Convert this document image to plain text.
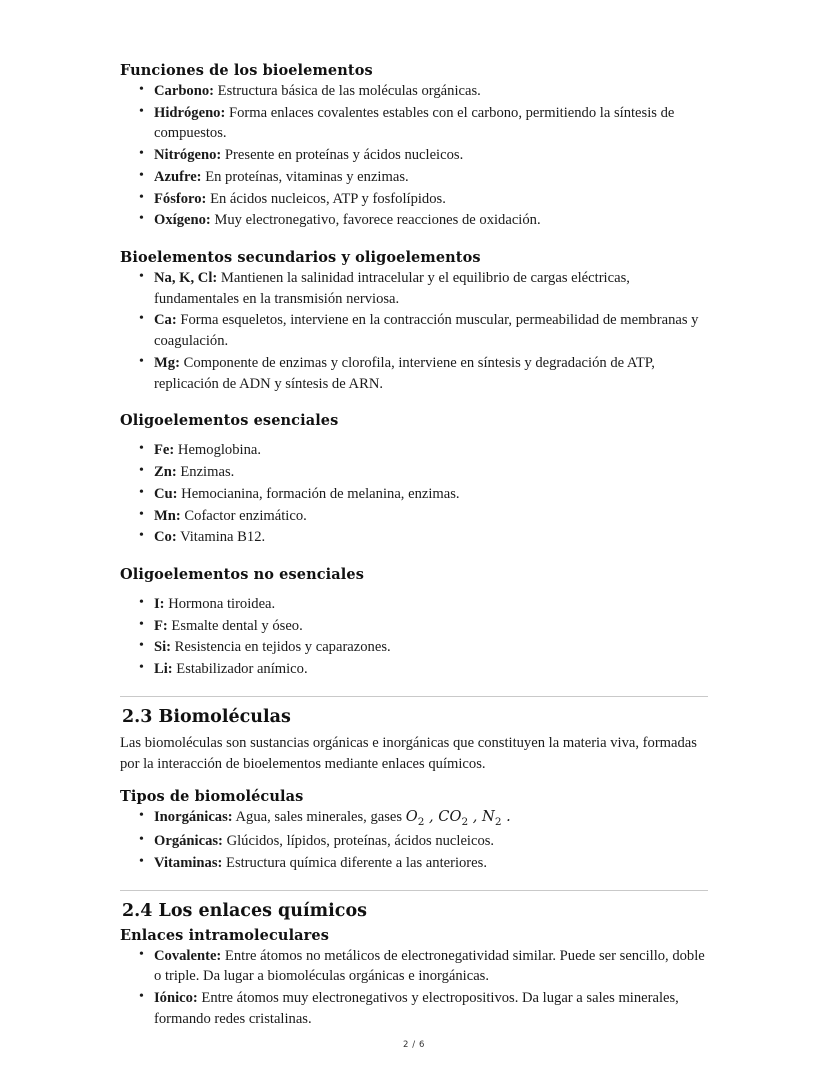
Funciones de los bioelementos
• Carbono: Estructura básica de las moléculas orgánicas.
• Hidrógeno: Forma enlaces covalentes estables con el carbono, permitiendo la síntesis de compuestos.
• Nitrógeno: Presente en proteínas y ácidos nucleicos.
• Azufre: En proteínas, vitaminas y enzimas.
• Fósforo: En ácidos nucleicos, ATP y fosfolípidos.
• Oxígeno: Muy electronegativo, favorece reacciones de oxidación.
Bioelementos secundarios y oligoelementos
• Na, K, Cl: Mantienen la salinidad intracelular y el equilibrio de cargas eléctricas, fundamentales en la transmisión nerviosa.
• Ca: Forma esqueletos, interviene en la contracción muscular, permeabilidad de membranas y coagulación.
• Mg: Componente de enzimas y clorofila, interviene en síntesis y degradación de ATP, replicación de ADN y síntesis de ARN.
Oligoelementos esenciales
• Fe: Hemoglobina.
• Zn: Enzimas.
• Cu: Hemocianina, formación de melanina, enzimas.
• Mn: Cofactor enzimático.
• Co: Vitamina B12.
Oligoelementos no esenciales
• I: Hormona tiroidea.
• F: Esmalte dental y óseo.
• Si: Resistencia en tejidos y caparazones.
• Li: Estabilizador anímico.
2.3 Biomoléculas

Las biomoléculas son sustancias orgánicas e inorgánicas que constituyen la materia viva, formadas por la interacción de bioelementos mediante enlaces químicos.

Tipos de biomoléculas
• Inorgánicas: Agua, sales minerales, gases $O_2$ , $CO_2$ , $N_2$ .
• Orgánicas: Glúcidos, lípidos, proteínas, ácidos nucleicos.
• Vitaminas: Estructura química diferente a las anteriores.
2.4 Los enlaces químicos
Enlaces intramoleculares
• Covalente: Entre átomos no metálicos de electronegatividad similar. Puede ser sencillo, doble o triple. Da lugar a biomoléculas orgánicas e inorgánicas.
• Iónico: Entre átomos muy electronegativos y electropositivos. Da lugar a sales minerales, formando redes cristalinas.
2 / 6
